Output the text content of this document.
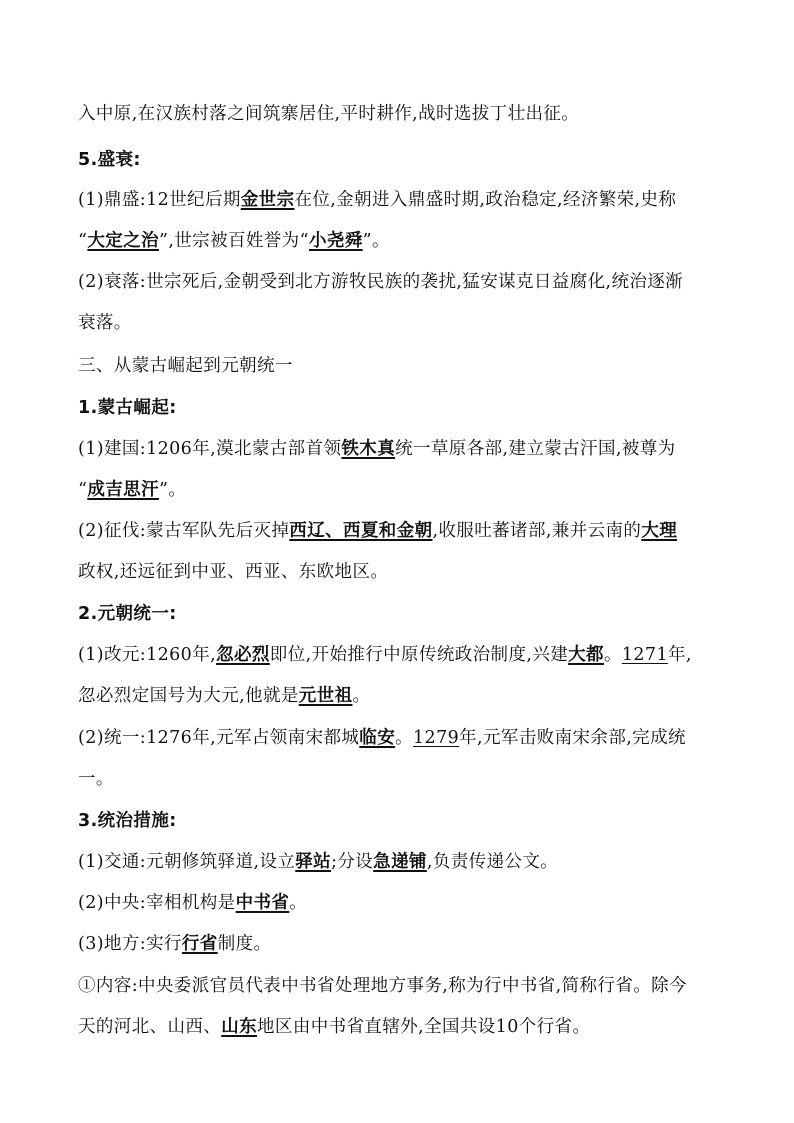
入中原,在汉族村落之间筑寨居住,平时耕作,战时选拔丁壮出征。
5.盛衰:
(1)鼎盛:12世纪后期金世宗在位,金朝进入鼎盛时期,政治稳定,经济繁荣,史称
“大定之治”,世宗被百姓誉为“小尧舜”。
(2)衰落:世宗死后,金朝受到北方游牧民族的袭扰,猛安谋克日益腐化,统治逐渐
衰落。
三、从蒙古崛起到元朝统一
1.蒙古崛起:
(1)建国:1206年,漠北蒙古部首领铁木真统一草原各部,建立蒙古汗国,被尊为
“成吉思汗”。
(2)征伐:蒙古军队先后灭掉西辽、西夏和金朝,收服吐蕃诸部,兼并云南的大理
政权,还远征到中亚、西亚、东欧地区。
2.元朝统一:
(1)改元:1260年,忽必烈即位,开始推行中原传统政治制度,兴建大都。1271年,
忽必烈定国号为大元,他就是元世祖。
(2)统一:1276年,元军占领南宋都城临安。1279年,元军击败南宋余部,完成统
一。
3.统治措施:
(1)交通:元朝修筑驿道,设立驿站;分设急递铺,负责传递公文。
(2)中央:宰相机构是中书省。
(3)地方:实行行省制度。
①内容:中央委派官员代表中书省处理地方事务,称为行中书省,简称行省。除今
天的河北、山西、山东地区由中书省直辖外,全国共设10个行省。
